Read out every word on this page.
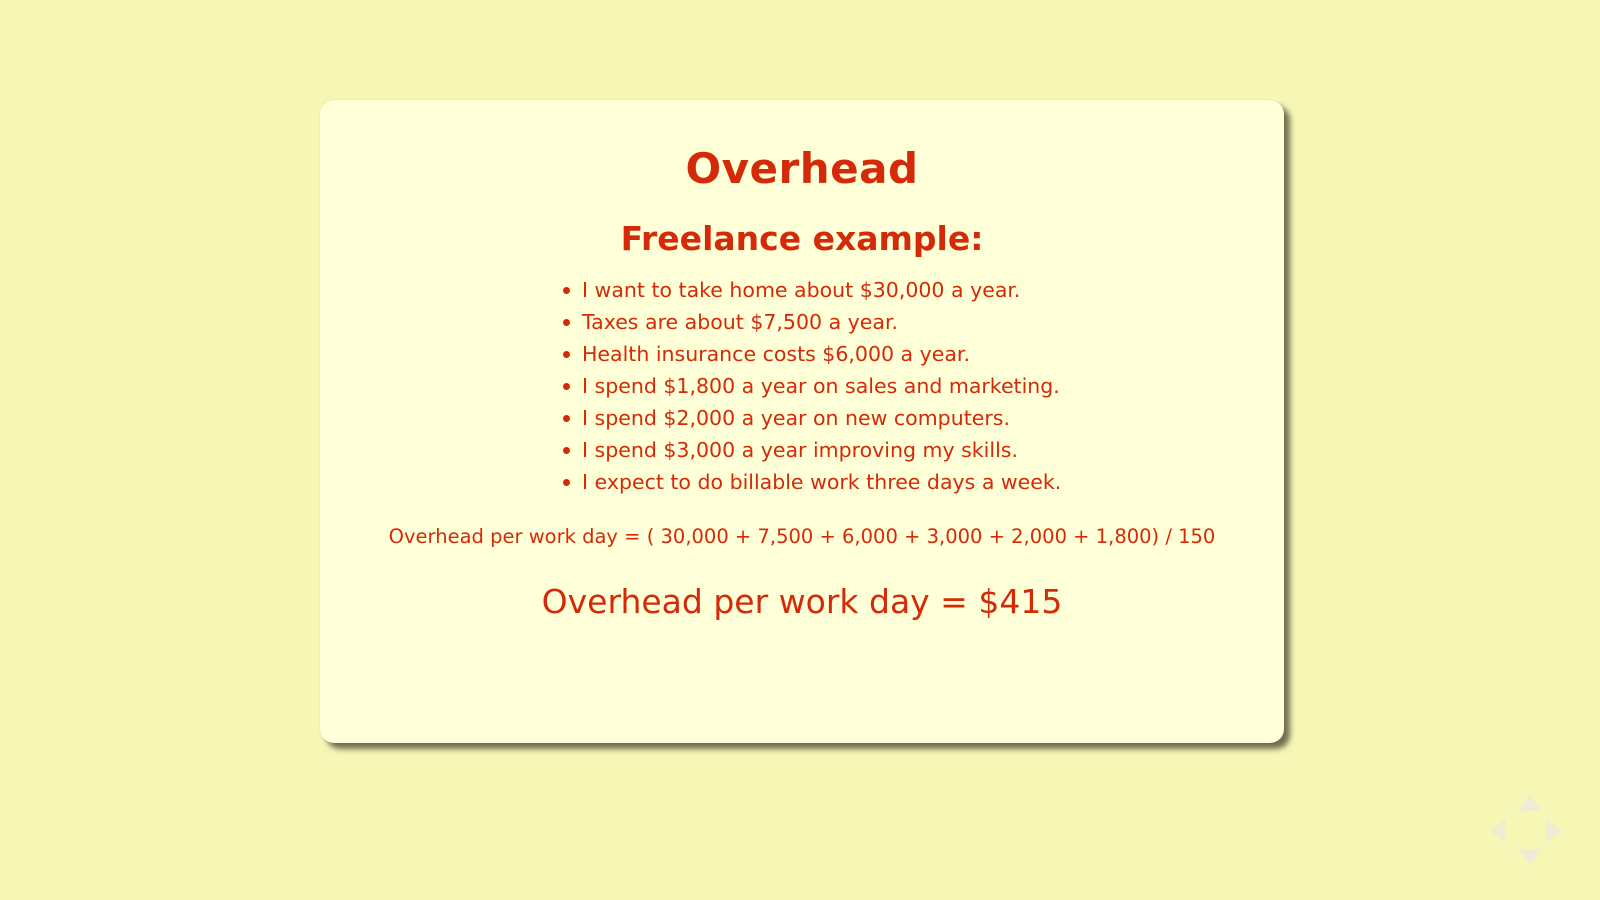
Overhead
Freelance example:
I want to take home about $30,000 a year.
Taxes are about $7,500 a year.
Health insurance costs $6,000 a year.
I spend $1,800 a year on sales and marketing.
I spend $2,000 a year on new computers.
I spend $3,000 a year improving my skills.
I expect to do billable work three days a week.

Overhead per work day = ( 30,000 + 7,500 + 6,000 + 3,000 + 2,000 + 1,800) / 150

Overhead per work day = $415
